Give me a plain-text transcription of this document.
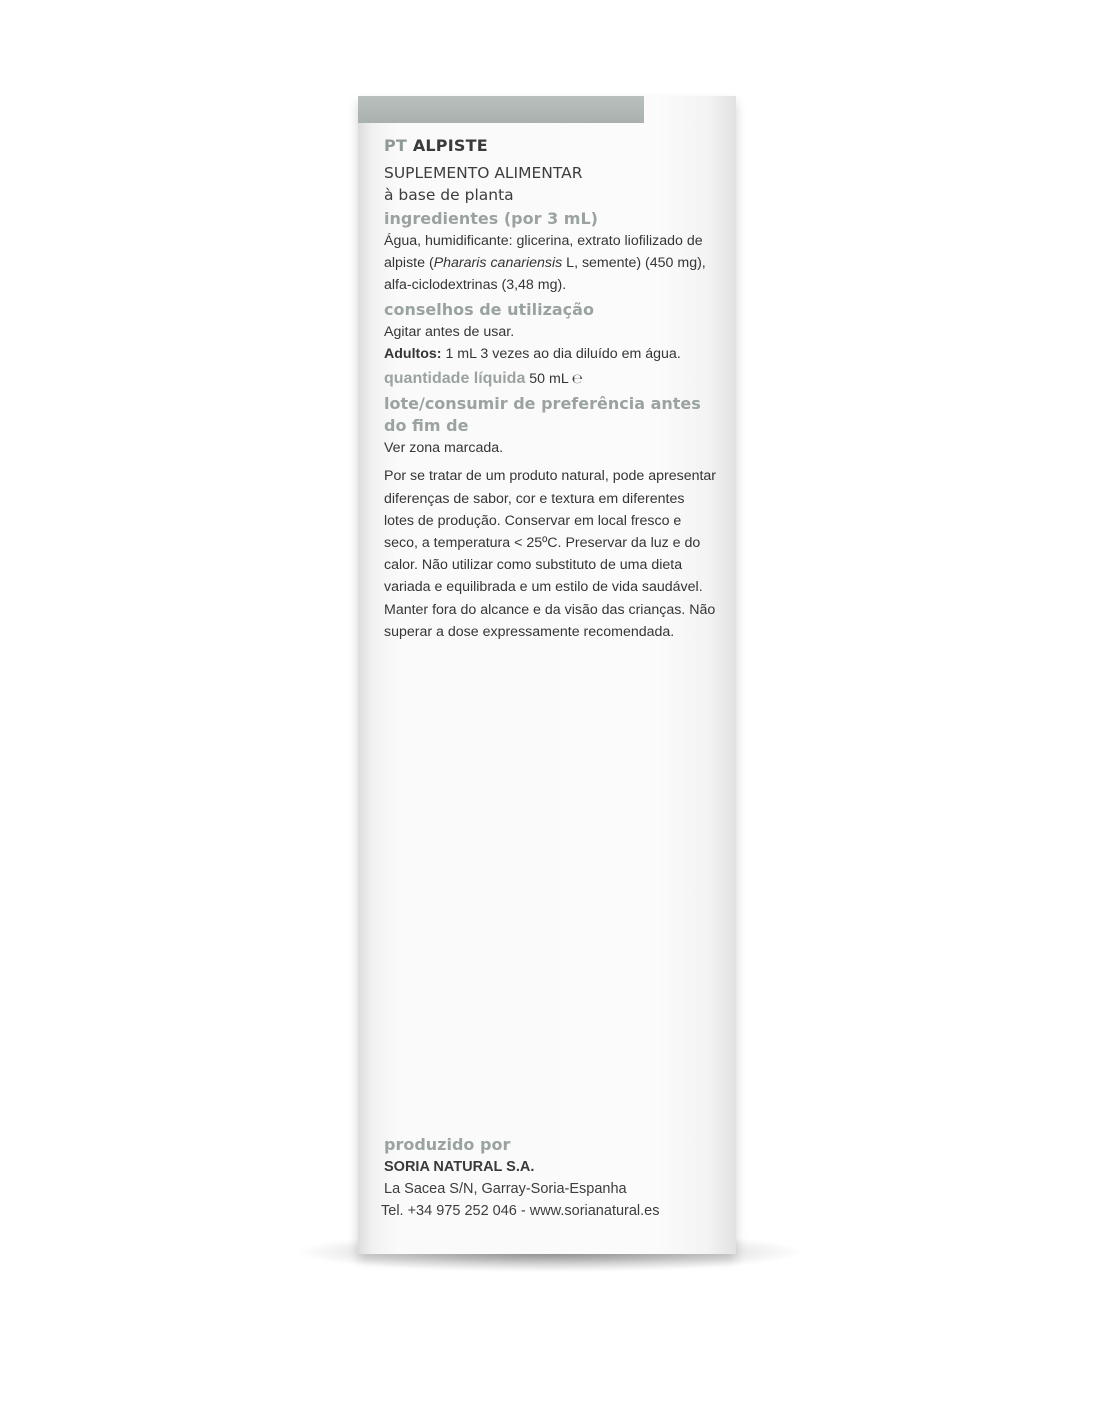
PT ALPISTE
SUPLEMENTO ALIMENTAR
à base de planta
ingredientes (por 3 mL)
Água, humidificante: glicerina, extrato liofilizado de alpiste (Phararis canariensis L, semente) (450 mg), alfa-ciclodextrinas (3,48 mg).
conselhos de utilização
Agitar antes de usar.
Adultos: 1 mL 3 vezes ao dia diluído em água.
quantidade líquida 50 mL ℮
lote/consumir de preferência antes do fim de
Ver zona marcada.
Por se tratar de um produto natural, pode apresentar diferenças de sabor, cor e textura em diferentes lotes de produção. Conservar em local fresco e seco, a temperatura < 25ºC. Preservar da luz e do calor. Não utilizar como substituto de uma dieta variada e equilibrada e um estilo de vida saudável. Manter fora do alcance e da visão das crianças. Não superar a dose expressamente recomendada.
produzido por
SORIA NATURAL S.A.
La Sacea S/N, Garray-Soria-Espanha
Tel. +34 975 252 046 - www.sorianatural.es
